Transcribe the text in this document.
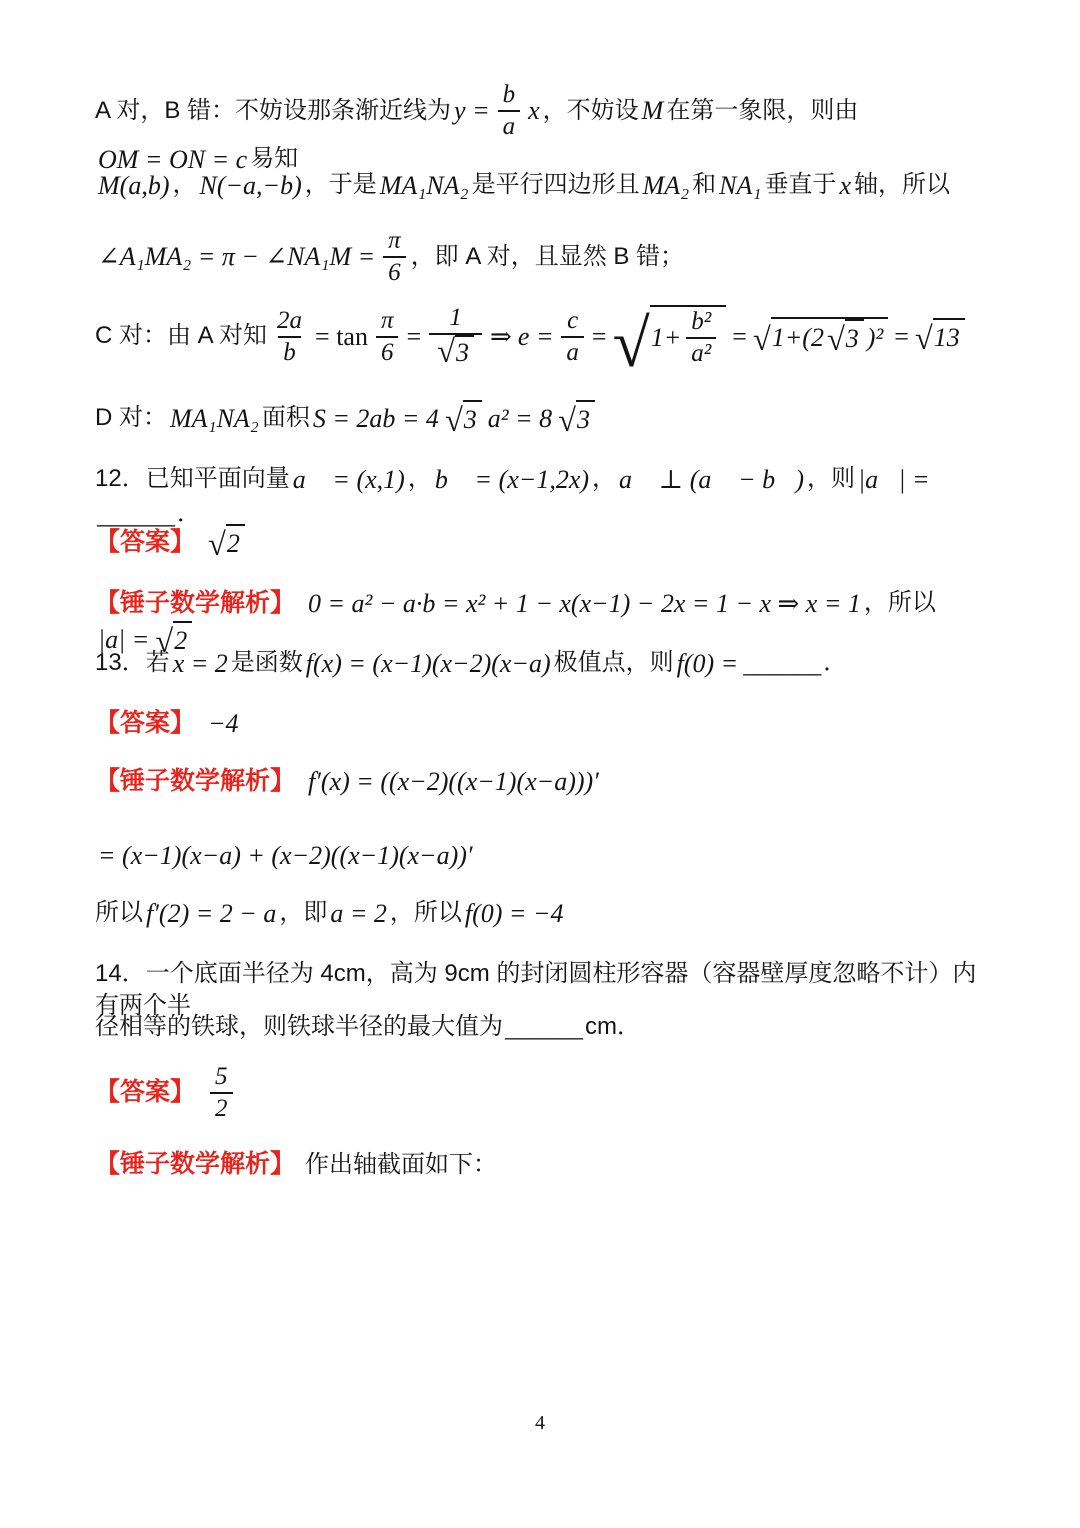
A 对，B 错：不妨设那条渐近线为 $y = \frac{b}{a}$ x ，不妨设 M 在第一象限，则由
OM = ON = c 易知
M(a,b) ， N(−a,−b) ，于是 MA₁NA₂ 是平行四边形且 MA₂ 和 NA₁ 垂直于 x 轴，所以
∠A₁MA₂ = π − ∠NA₁M = $\frac{\pi}{6}$ ，即 A 对，且显然 B 错；
C 对：由 A 对知 $\frac{2a}{b} = \tan \frac{\pi}{6} = \frac{1}{√ 3}$ ⇒ $e = \frac{c}{a}$ = √ $1+ \frac{\text{b²}}{\text{a²}}$ = √ 1+(2 √ 3 )² = √ 13
D 对： MA₁NA₂ 面积 S = 2ab = 4 √ 3 a² = 8 √ 3
12．已知平面向量 a⃗ = (x,1) ， b⃗ = (x−1,2x) ， a⃗ ⊥ (a⃗ − b⃗) ，则 |a⃗| =
______ ．
【答案】 √ 2
【锤子数学解析】 0 = a² − a·b = x² + 1 − x(x−1) − 2x = 1 − x ⇒ x = 1 ，所以
|a| = √ 2
13．若 x = 2 是函数 f(x) = (x−1)(x−2)(x−a) 极值点，则 f(0) = ______ ．
【答案】 −4
【锤子数学解析】 f′(x) = ((x−2)((x−1)(x−a)))′
= (x−1)(x−a) + (x−2)((x−1)(x−a))′
所以 f′(2) = 2 − a ，即 a = 2 ，所以 f(0) = −4
14．一个底面半径为 4cm，高为 9cm 的封闭圆柱形容器（容器壁厚度忽略不计）内有两个半
径相等的铁球，则铁球半径的最大值为 ______ cm．
【答案】 $\frac{5}{2}$
【锤子数学解析】 作出轴截面如下：
4
